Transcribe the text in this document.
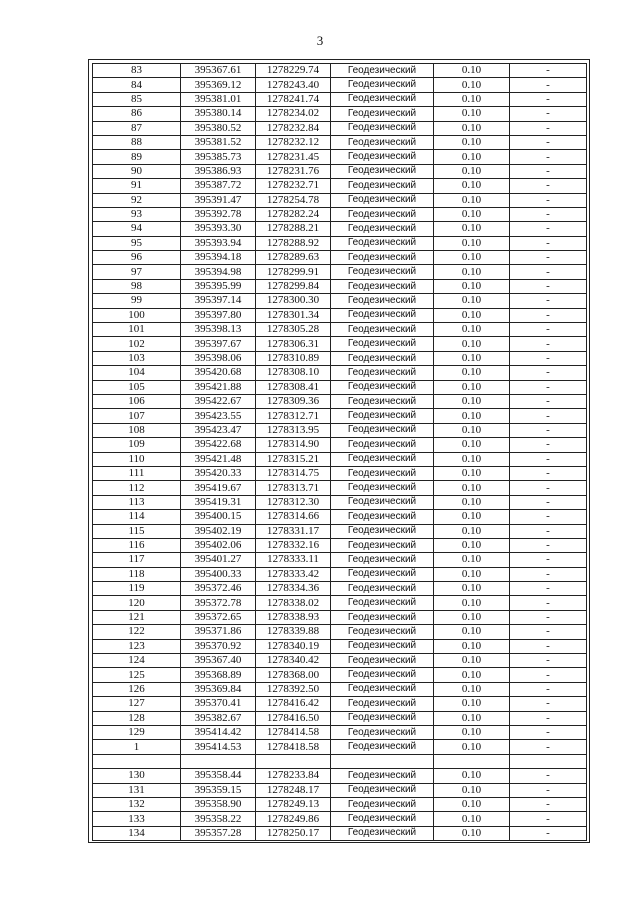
3
83	395367.61	1278229.74	Геодезический	0.10	-
84	395369.12	1278243.40	Геодезический	0.10	-
85	395381.01	1278241.74	Геодезический	0.10	-
86	395380.14	1278234.02	Геодезический	0.10	-
87	395380.52	1278232.84	Геодезический	0.10	-
88	395381.52	1278232.12	Геодезический	0.10	-
89	395385.73	1278231.45	Геодезический	0.10	-
90	395386.93	1278231.76	Геодезический	0.10	-
91	395387.72	1278232.71	Геодезический	0.10	-
92	395391.47	1278254.78	Геодезический	0.10	-
93	395392.78	1278282.24	Геодезический	0.10	-
94	395393.30	1278288.21	Геодезический	0.10	-
95	395393.94	1278288.92	Геодезический	0.10	-
96	395394.18	1278289.63	Геодезический	0.10	-
97	395394.98	1278299.91	Геодезический	0.10	-
98	395395.99	1278299.84	Геодезический	0.10	-
99	395397.14	1278300.30	Геодезический	0.10	-
100	395397.80	1278301.34	Геодезический	0.10	-
101	395398.13	1278305.28	Геодезический	0.10	-
102	395397.67	1278306.31	Геодезический	0.10	-
103	395398.06	1278310.89	Геодезический	0.10	-
104	395420.68	1278308.10	Геодезический	0.10	-
105	395421.88	1278308.41	Геодезический	0.10	-
106	395422.67	1278309.36	Геодезический	0.10	-
107	395423.55	1278312.71	Геодезический	0.10	-
108	395423.47	1278313.95	Геодезический	0.10	-
109	395422.68	1278314.90	Геодезический	0.10	-
110	395421.48	1278315.21	Геодезический	0.10	-
111	395420.33	1278314.75	Геодезический	0.10	-
112	395419.67	1278313.71	Геодезический	0.10	-
113	395419.31	1278312.30	Геодезический	0.10	-
114	395400.15	1278314.66	Геодезический	0.10	-
115	395402.19	1278331.17	Геодезический	0.10	-
116	395402.06	1278332.16	Геодезический	0.10	-
117	395401.27	1278333.11	Геодезический	0.10	-
118	395400.33	1278333.42	Геодезический	0.10	-
119	395372.46	1278334.36	Геодезический	0.10	-
120	395372.78	1278338.02	Геодезический	0.10	-
121	395372.65	1278338.93	Геодезический	0.10	-
122	395371.86	1278339.88	Геодезический	0.10	-
123	395370.92	1278340.19	Геодезический	0.10	-
124	395367.40	1278340.42	Геодезический	0.10	-
125	395368.89	1278368.00	Геодезический	0.10	-
126	395369.84	1278392.50	Геодезический	0.10	-
127	395370.41	1278416.42	Геодезический	0.10	-
128	395382.67	1278416.50	Геодезический	0.10	-
129	395414.42	1278414.58	Геодезический	0.10	-
1	395414.53	1278418.58	Геодезический	0.10	-

130	395358.44	1278233.84	Геодезический	0.10	-
131	395359.15	1278248.17	Геодезический	0.10	-
132	395358.90	1278249.13	Геодезический	0.10	-
133	395358.22	1278249.86	Геодезический	0.10	-
134	395357.28	1278250.17	Геодезический	0.10	-
